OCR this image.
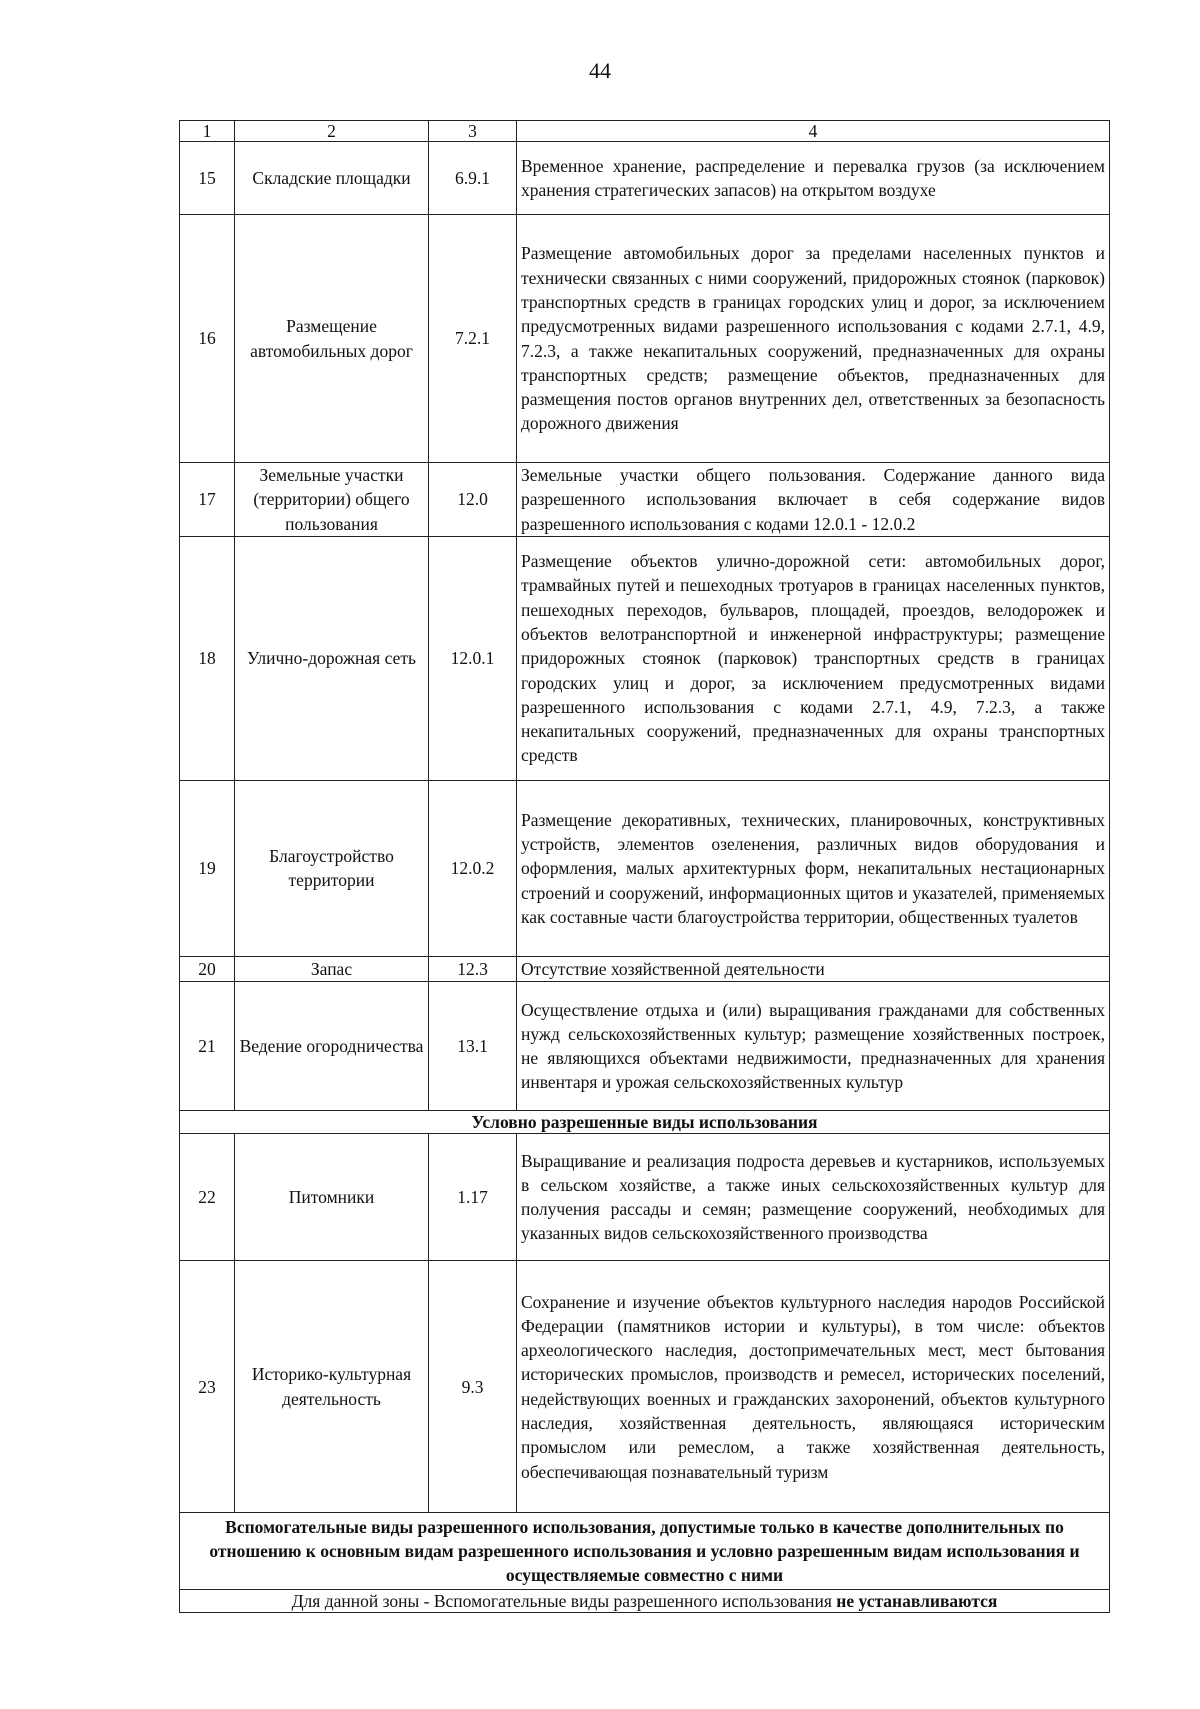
44
1	2	3	4
15	Складские площадки	6.9.1	Временное хранение, распределение и перевалка грузов (за исключением хранения стратегических запасов) на открытом воздухе
16	Размещение автомобильных дорог	7.2.1	Размещение автомобильных дорог за пределами населенных пунктов и технически связанных с ними сооружений, придорожных стоянок (парковок) транспортных средств в границах городских улиц и дорог, за исключением предусмотренных видами разрешенного использования с кодами 2.7.1, 4.9, 7.2.3, а также некапитальных сооружений, предназначенных для охраны транспортных средств; размещение объектов, предназначенных для размещения постов органов внутренних дел, ответственных за безопасность дорожного движения
17	Земельные участки (территории) общего пользования	12.0	Земельные участки общего пользования. Содержание данного вида разрешенного использования включает в себя содержание видов разрешенного использования с кодами 12.0.1 - 12.0.2
18	Улично-дорожная сеть	12.0.1	Размещение объектов улично-дорожной сети: автомобильных дорог, трамвайных путей и пешеходных тротуаров в границах населенных пунктов, пешеходных переходов, бульваров, площадей, проездов, велодорожек и объектов велотранспортной и инженерной инфраструктуры; размещение придорожных стоянок (парковок) транспортных средств в границах городских улиц и дорог, за исключением предусмотренных видами разрешенного использования с кодами 2.7.1, 4.9, 7.2.3, а также некапитальных сооружений, предназначенных для охраны транспортных средств
19	Благоустройство территории	12.0.2	Размещение декоративных, технических, планировочных, конструктивных устройств, элементов озеленения, различных видов оборудования и оформления, малых архитектурных форм, некапитальных нестационарных строений и сооружений, информационных щитов и указателей, применяемых как составные части благоустройства территории, общественных туалетов
20	Запас	12.3	Отсутствие хозяйственной деятельности
21	Ведение огородничества	13.1	Осуществление отдыха и (или) выращивания гражданами для собственных нужд сельскохозяйственных культур; размещение хозяйственных построек, не являющихся объектами недвижимости, предназначенных для хранения инвентаря и урожая сельскохозяйственных культур
Условно разрешенные виды использования			
22	Питомники	1.17	Выращивание и реализация подроста деревьев и кустарников, используемых в сельском хозяйстве, а также иных сельскохозяйственных культур для получения рассады и семян; размещение сооружений, необходимых для указанных видов сельскохозяйственного производства
23	Историко-культурная деятельность	9.3	Сохранение и изучение объектов культурного наследия народов Российской Федерации (памятников истории и культуры), в том числе: объектов археологического наследия, достопримечательных мест, мест бытования исторических промыслов, производств и ремесел, исторических поселений, недействующих военных и гражданских захоронений, объектов культурного наследия, хозяйственная деятельность, являющаяся историческим промыслом или ремеслом, а также хозяйственная деятельность, обеспечивающая познавательный туризм
Вспомогательные виды разрешенного использования, допустимые только в качестве дополнительных по отношению к основным видам разрешенного использования и условно разрешенным видам использования и осуществляемые совместно с ними			
Для данной зоны - Вспомогательные виды разрешенного использования не устанавливаются			
